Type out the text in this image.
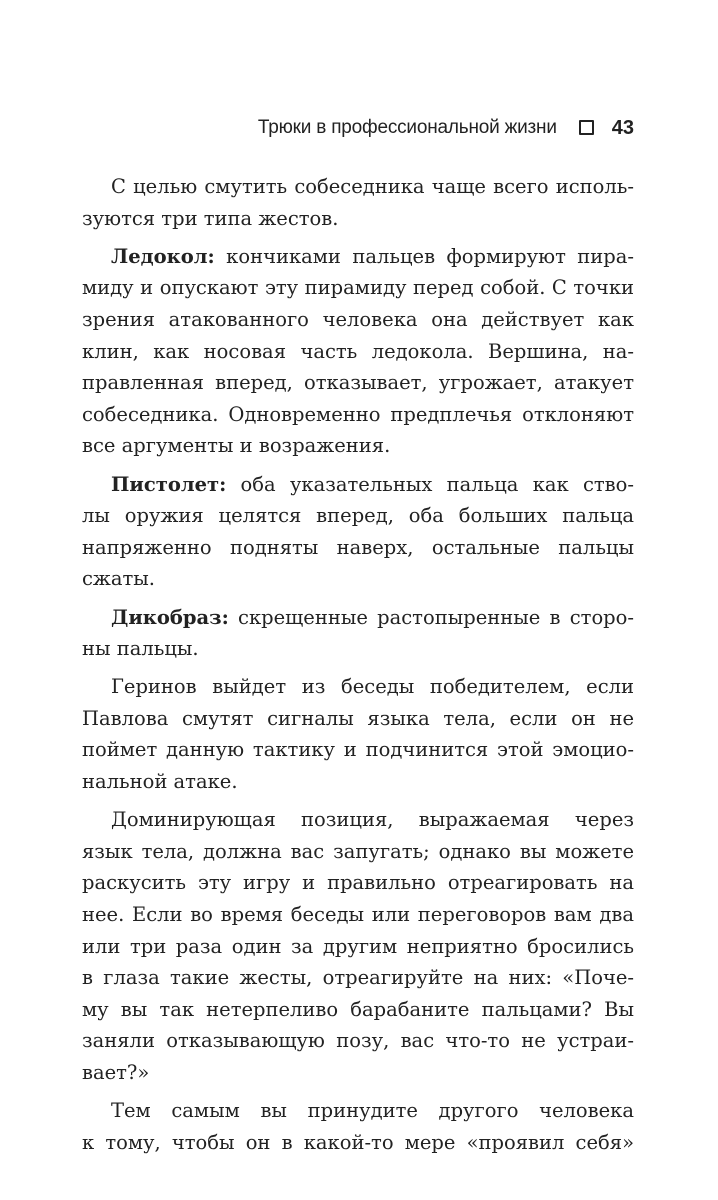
Трюки в профессиональной жизни	43
С целью смутить собеседника чаще всего исполь-
зуются три типа жестов.
Ледокол: кончиками пальцев формируют пира-
миду и опускают эту пирамиду перед собой. С точки
зрения атакованного человека она действует как
клин, как носовая часть ледокола. Вершина, на-
правленная вперед, отказывает, угрожает, атакует
собеседника. Одновременно предплечья отклоняют
все аргументы и возражения.
Пистолет: оба указательных пальца как ство-
лы оружия целятся вперед, оба больших пальца
напряженно подняты наверх, остальные пальцы
сжаты.
Дикобраз: скрещенные растопыренные в сторо-
ны пальцы.
Геринов выйдет из беседы победителем, если
Павлова смутят сигналы языка тела, если он не
поймет данную тактику и подчинится этой эмоцио-
нальной атаке.
Доминирующая позиция, выражаемая через
язык тела, должна вас запугать; однако вы можете
раскусить эту игру и правильно отреагировать на
нее. Если во время беседы или переговоров вам два
или три раза один за другим неприятно бросились
в глаза такие жесты, отреагируйте на них: «Поче-
му вы так нетерпеливо барабаните пальцами? Вы
заняли отказывающую позу, вас что-то не устраи-
вает?»
Тем самым вы принудите другого человека
к тому, чтобы он в какой-то мере «проявил себя»
